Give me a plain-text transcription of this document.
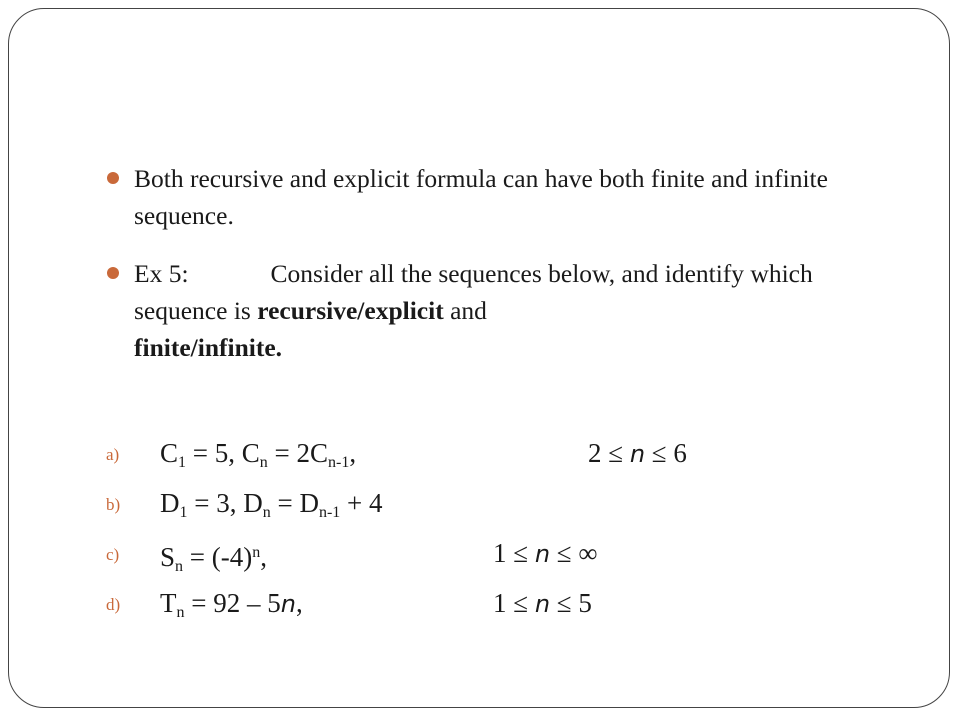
Both recursive and explicit formula can have both finite and infinite sequence.
Ex 5:	Consider all the sequences below, and identify which sequence is recursive/explicit and
finite/infinite.
a) $C_1 = 5$, $C_n = 2C_{n-1}$,	2 ≤ n ≤ 6
b) $D_1 = 3$, $D_n = D_{n-1} + 4$
c) $S_n = (-4)^n$,	1 ≤ n ≤ ∞
d) $T_n = 92 - 5n$,	1 ≤ n ≤ 5
